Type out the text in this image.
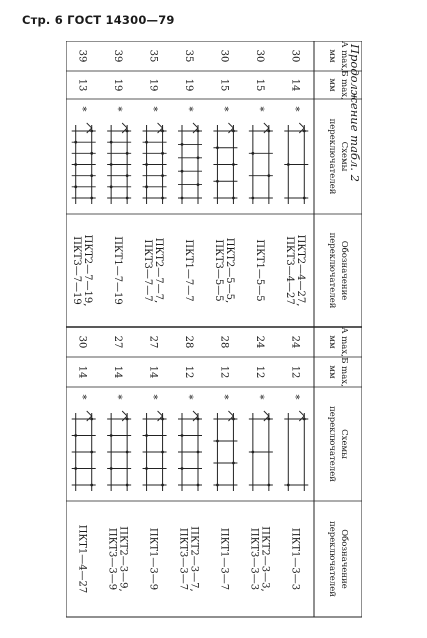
Стр. 6 ГОСТ 14300—79
Продолжение табл. 2
А max,
мм
Б max,
мм
Схемы
переключателей
Обозначение
переключателей
А max,
мм
Б max,
мм
Схемы
переключателей
Обозначение
переключателей
30
14
ПКТ2—4—27,
ПКТ3—4—27
24
12
ПКТ1—3—3
*
*
30
15
ПКТ1—5—5
24
12
ПКТ2—3—3,
ПКТ3—3—3
*
*
30
15
ПКТ2—5—5,
ПКТ3—5—5
28
12
ПКТ1—3—7
*
*
35
19
ПКТ1—7—7
28
12
ПКТ2—3—7,
ПКТ3—3—7
*
*
35
19
ПКТ2—7—7,
ПКТ3—7—7
27
14
ПКТ1—3—9
*
*
39
19
ПКТ1—7—19
27
14
ПКТ2—3—9,
ПКТ3—3—9
*
*
39
13
ПКТ2—7—19,
ПКТ3—7—19
30
14
ПКТ1—4—27
*
*
